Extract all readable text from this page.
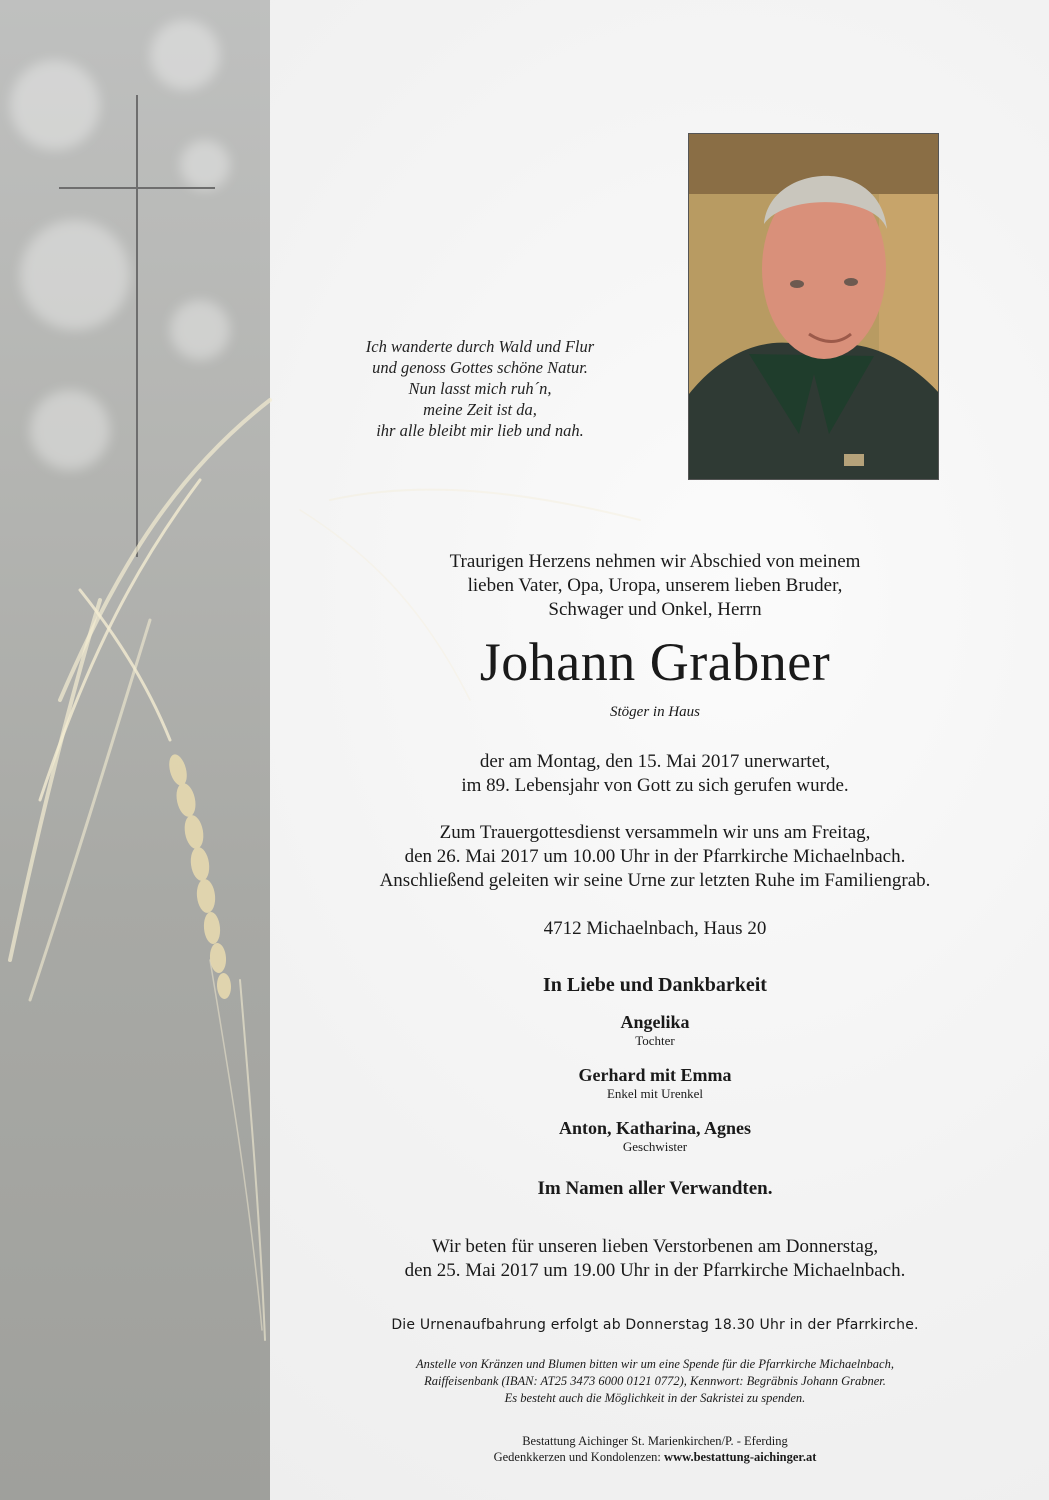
Ich wanderte durch Wald und Flur
und genoss Gottes schöne Natur.
Nun lasst mich ruh´n,
meine Zeit ist da,
ihr alle bleibt mir lieb und nah.
Traurigen Herzens nehmen wir Abschied von meinem
lieben Vater, Opa, Uropa, unserem lieben Bruder,
Schwager und Onkel, Herrn
Johann Grabner
Stöger in Haus
der am Montag, den 15. Mai 2017 unerwartet,
im 89. Lebensjahr von Gott zu sich gerufen wurde.
Zum Trauergottesdienst versammeln wir uns am Freitag,
den 26. Mai 2017 um 10.00 Uhr in der Pfarrkirche Michaelnbach.
Anschließend geleiten wir seine Urne zur letzten Ruhe im Familiengrab.
4712 Michaelnbach, Haus 20
In Liebe und Dankbarkeit
Angelika
Tochter
Gerhard mit Emma
Enkel mit Urenkel
Anton, Katharina, Agnes
Geschwister
Im Namen aller Verwandten.
Wir beten für unseren lieben Verstorbenen am Donnerstag,
den 25. Mai 2017 um 19.00 Uhr in der Pfarrkirche Michaelnbach.
Die Urnenaufbahrung erfolgt ab Donnerstag 18.30 Uhr in der Pfarrkirche.
Anstelle von Kränzen und Blumen bitten wir um eine Spende für die Pfarrkirche Michaelnbach,
Raiffeisenbank (IBAN: AT25 3473 6000 0121 0772), Kennwort: Begräbnis Johann Grabner.
Es besteht auch die Möglichkeit in der Sakristei zu spenden.
Bestattung Aichinger St. Marienkirchen/P. - Eferding
Gedenkkerzen und Kondolenzen: www.bestattung-aichinger.at
